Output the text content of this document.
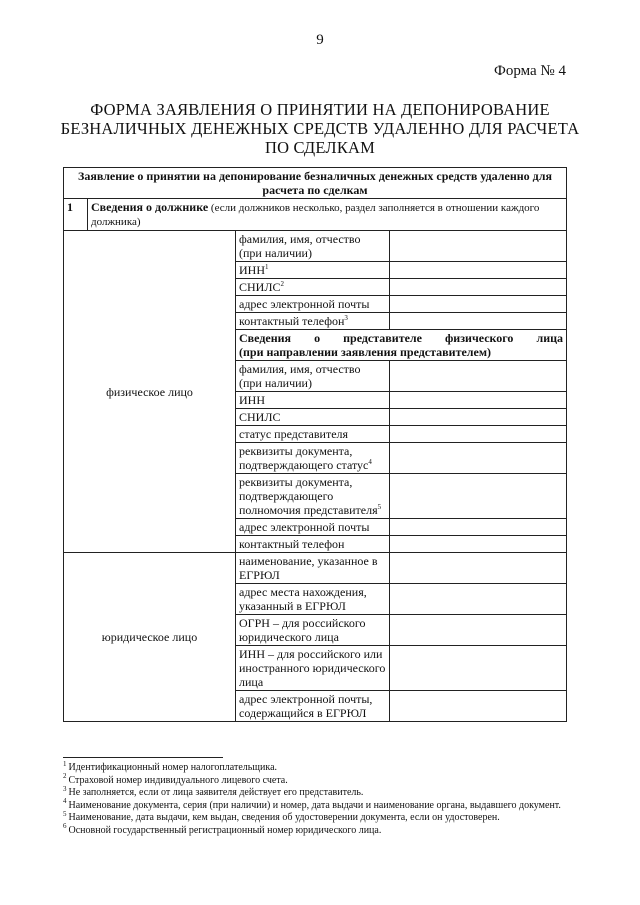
9
Форма № 4
ФОРМА ЗАЯВЛЕНИЯ О ПРИНЯТИИ НА ДЕПОНИРОВАНИЕ
БЕЗНАЛИЧНЫХ ДЕНЕЖНЫХ СРЕДСТВ УДАЛЕННО ДЛЯ РАСЧЕТА
ПО СДЕЛКАМ
Заявление о принятии на депонирование безналичных денежных средств удаленно для расчета по сделкам			
1	Сведения о должнике (если должников несколько, раздел заполняется в отношении каждого должника)		
физическое лицо		фамилия, имя, отчество (при наличии)	
		ИНН$^1$	
		СНИЛС$^2$	
		адрес электронной почты	
		контактный телефон$^3$	

		Сведения о представителе физического лица
(при направлении заявления представителем)	

		фамилия, имя, отчество (при наличии)	
		ИНН	
		СНИЛС	
		статус представителя	
		реквизиты документа, подтверждающего статус$^4$	
		реквизиты документа, подтверждающего полномочия представителя$^5$	
		адрес электронной почты	
		контактный телефон	
юридическое лицо		наименование, указанное в ЕГРЮЛ	
		адрес места нахождения, указанный в ЕГРЮЛ	
		ОГРН – для российского юридического лица	
		ИНН – для российского или иностранного юридического лица	
		адрес электронной почты, содержащийся в ЕГРЮЛ	

$^1$ Идентификационный номер налогоплательщика.

$^2$ Страховой номер индивидуального лицевого счета.

$^3$ Не заполняется, если от лица заявителя действует его представитель.

$^4$ Наименование документа, серия (при наличии) и номер, дата выдачи и наименование органа, выдавшего документ.

$^5$ Наименование, дата выдачи, кем выдан, сведения об удостоверении документа, если он удостоверен.

$^6$ Основной государственный регистрационный номер юридического лица.
